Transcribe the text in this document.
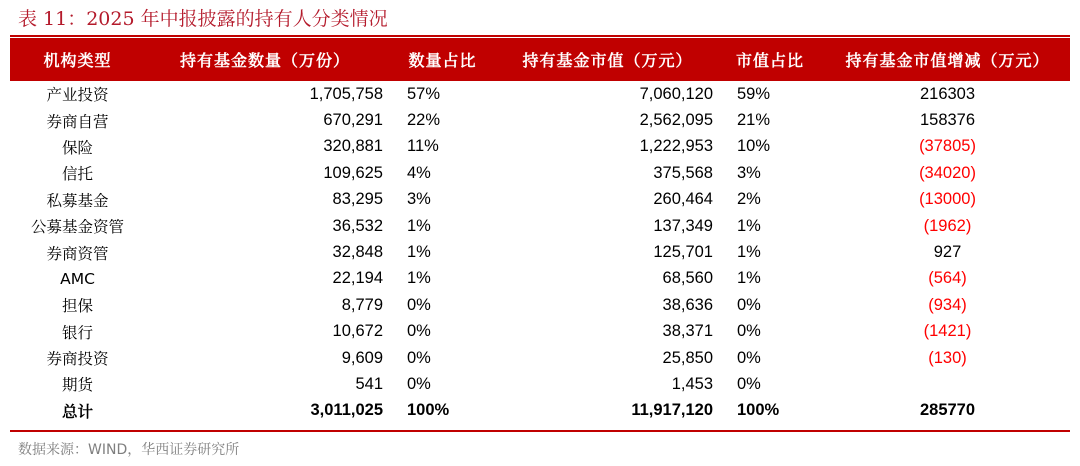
表 11：2025 年中报披露的持有人分类情况
机构类型	持有基金数量（万份）	数量占比	持有基金市值（万元）	市值占比	持有基金市值增减（万元）
产业投资	1,705,758	57%	7,060,120	59%	216303
券商自营	670,291	22%	2,562,095	21%	158376
保险	320,881	11%	1,222,953	10%	(37805)
信托	109,625	4%	375,568	3%	(34020)
私募基金	83,295	3%	260,464	2%	(13000)
公募基金资管	36,532	1%	137,349	1%	(1962)
券商资管	32,848	1%	125,701	1%	927
AMC	22,194	1%	68,560	1%	(564)
担保	8,779	0%	38,636	0%	(934)
银行	10,672	0%	38,371	0%	(1421)
券商投资	9,609	0%	25,850	0%	(130)
期货	541	0%	1,453	0%	
总计	3,011,025	100%	11,917,120	100%	285770
数据来源：WIND，华西证券研究所
